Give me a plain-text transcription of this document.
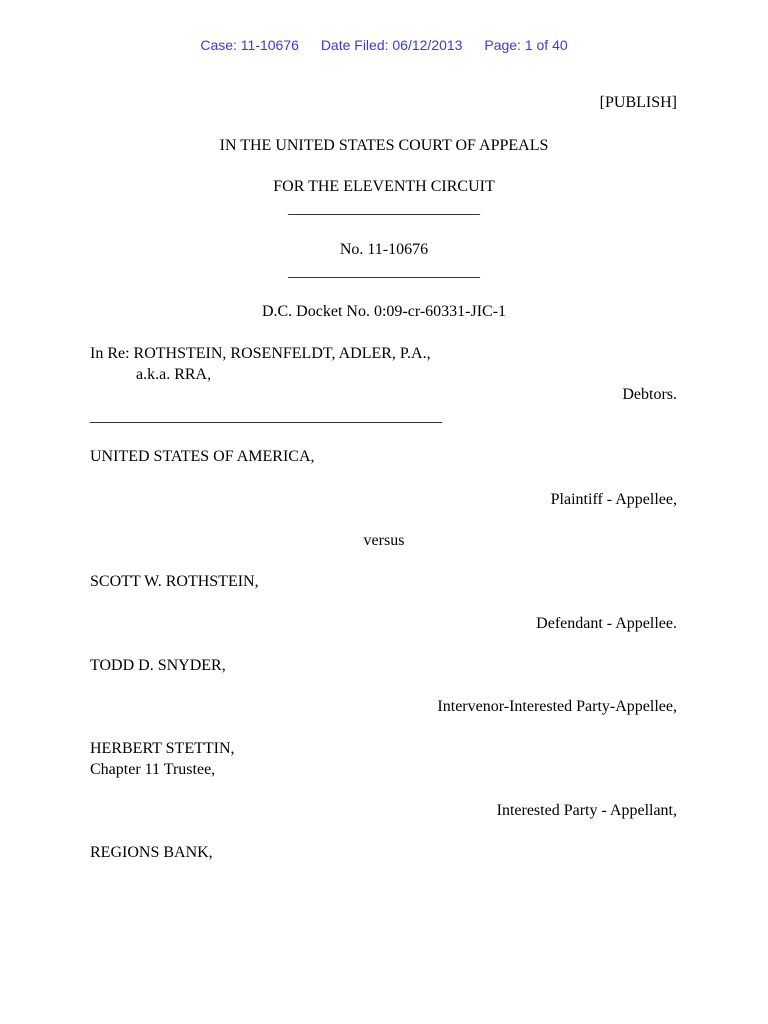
Case: 11-10676 Date Filed: 06/12/2013 Page: 1 of 40
[PUBLISH]
IN THE UNITED STATES COURT OF APPEALS
FOR THE ELEVENTH CIRCUIT
________________________
No. 11-10676
________________________
D.C. Docket No. 0:09-cr-60331-JIC-1
In Re: ROTHSTEIN, ROSENFELDT, ADLER, P.A.,
a.k.a. RRA,
Debtors.
____________________________________________
UNITED STATES OF AMERICA,
Plaintiff - Appellee,
versus
SCOTT W. ROTHSTEIN,
Defendant - Appellee.
TODD D. SNYDER,
Intervenor-Interested Party-Appellee,
HERBERT STETTIN,
Chapter 11 Trustee,
Interested Party - Appellant,
REGIONS BANK,
